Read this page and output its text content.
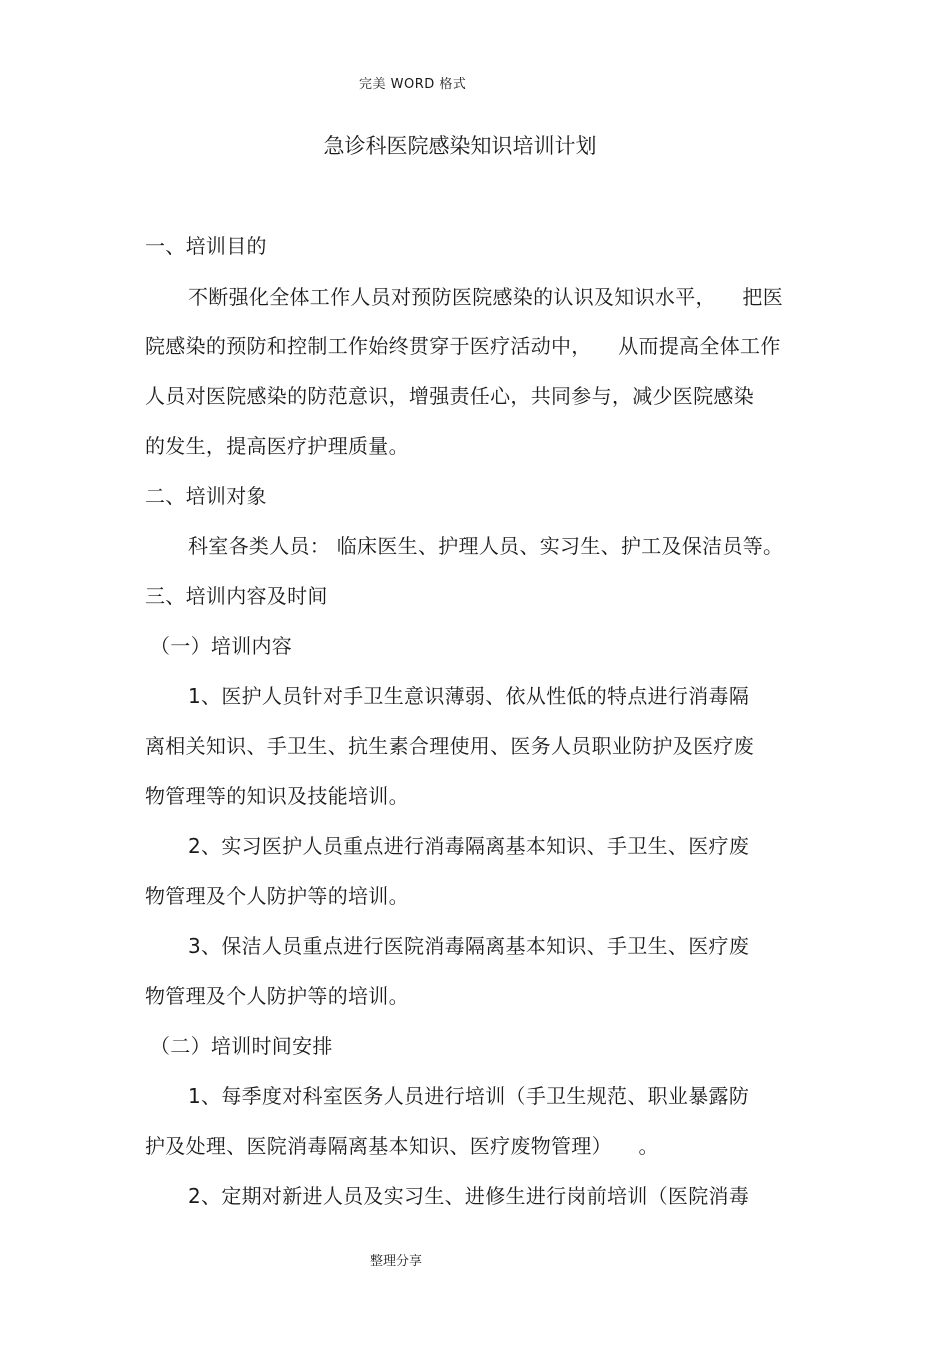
完美 WORD 格式
急诊科医院感染知识培训计划
一、培训目的
不断强化全体工作人员对预防医院感染的认识及知识水平，    把医
院感染的预防和控制工作始终贯穿于医疗活动中，    从而提高全体工作
人员对医院感染的防范意识，增强责任心，共同参与，减少医院感染
的发生，提高医疗护理质量。
二、培训对象
科室各类人员： 临床医生、护理人员、实习生、护工及保洁员等。
三、培训内容及时间
（一）培训内容
1、医护人员针对手卫生意识薄弱、依从性低的特点进行消毒隔
离相关知识、手卫生、抗生素合理使用、医务人员职业防护及医疗废
物管理等的知识及技能培训。
2、实习医护人员重点进行消毒隔离基本知识、手卫生、医疗废
物管理及个人防护等的培训。
3、保洁人员重点进行医院消毒隔离基本知识、手卫生、医疗废
物管理及个人防护等的培训。
（二）培训时间安排
1、每季度对科室医务人员进行培训（手卫生规范、职业暴露防
护及处理、医院消毒隔离基本知识、医疗废物管理）    。
2、定期对新进人员及实习生、进修生进行岗前培训（医院消毒
整理分享
